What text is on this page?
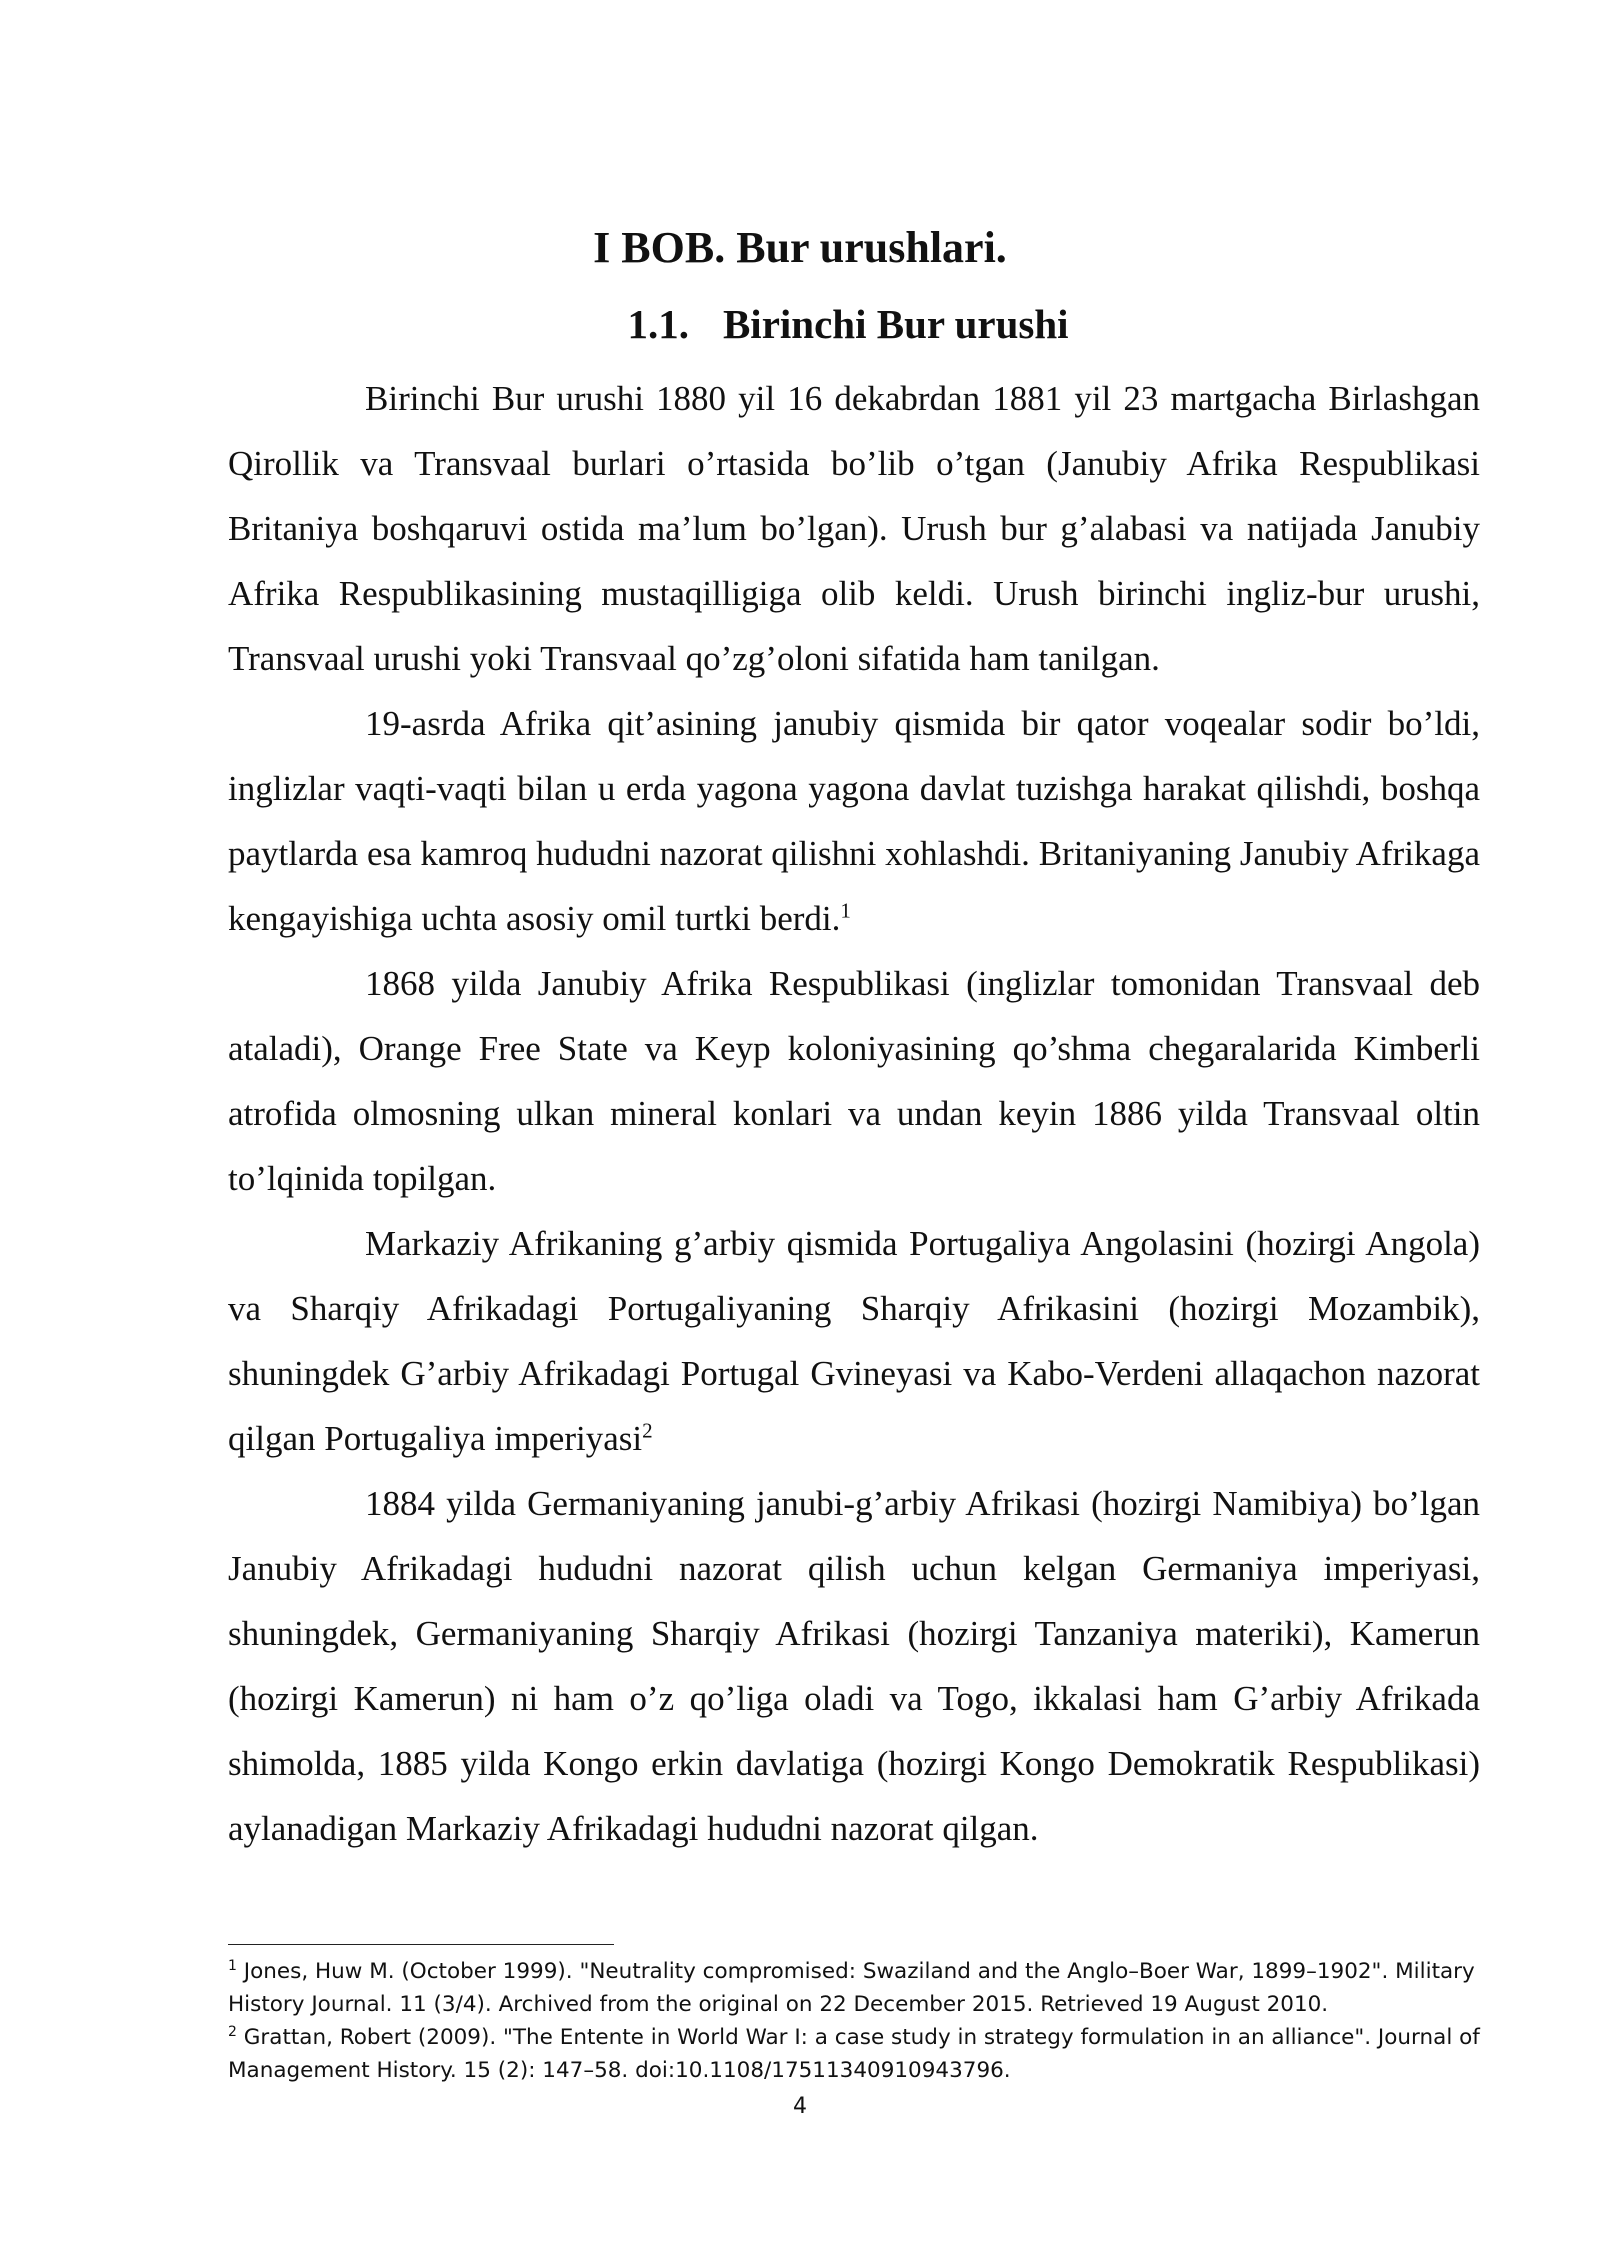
I BOB. Bur urushlari.
1.1. Birinchi Bur urushi

Birinchi Bur urushi 1880 yil 16 dekabrdan 1881 yil 23 martgacha Birlashgan Qirollik va Transvaal burlari o’rtasida bo’lib o’tgan (Janubiy Afrika Respublikasi Britaniya boshqaruvi ostida ma’lum bo’lgan). Urush bur g’alabasi va natijada Janubiy Afrika Respublikasining mustaqilligiga olib keldi. Urush birinchi ingliz-bur urushi, Transvaal urushi yoki Transvaal qo’zg’oloni sifatida ham tanilgan.

19-asrda Afrika qit’asining janubiy qismida bir qator voqealar sodir bo’ldi, inglizlar vaqti-vaqti bilan u erda yagona yagona davlat tuzishga harakat qilishdi, boshqa paytlarda esa kamroq hududni nazorat qilishni xohlashdi. Britaniyaning Janubiy Afrikaga kengayishiga uchta asosiy omil turtki berdi.$^1$

1868 yilda Janubiy Afrika Respublikasi (inglizlar tomonidan Transvaal deb ataladi), Orange Free State va Keyp koloniyasining qo’shma chegaralarida Kimberli atrofida olmosning ulkan mineral konlari va undan keyin 1886 yilda Transvaal oltin to’lqinida topilgan.

Markaziy Afrikaning g’arbiy qismida Portugaliya Angolasini (hozirgi Angola) va Sharqiy Afrikadagi Portugaliyaning Sharqiy Afrikasini (hozirgi Mozambik), shuningdek G’arbiy Afrikadagi Portugal Gvineyasi va Kabo-Verdeni allaqachon nazorat qilgan Portugaliya imperiyasi$^2$

1884 yilda Germaniyaning janubi-g’arbiy Afrikasi (hozirgi Namibiya) bo’lgan Janubiy Afrikadagi hududni nazorat qilish uchun kelgan Germaniya imperiyasi, shuningdek, Germaniyaning Sharqiy Afrikasi (hozirgi Tanzaniya materiki), Kamerun (hozirgi Kamerun) ni ham o’z qo’liga oladi va Togo, ikkalasi ham G’arbiy Afrikada shimolda, 1885 yilda Kongo erkin davlatiga (hozirgi Kongo Demokratik Respublikasi) aylanadigan Markaziy Afrikadagi hududni nazorat qilgan.

$^1$ Jones, Huw M. (October 1999). "Neutrality compromised: Swaziland and the Anglo–Boer War, 1899–1902". Military History Journal. 11 (3/4). Archived from the original on 22 December 2015. Retrieved 19 August 2010.

$^2$ Grattan, Robert (2009). "The Entente in World War I: a case study in strategy formulation in an alliance". Journal of Management History. 15 (2): 147–58. doi:10.1108/17511340910943796.

4
